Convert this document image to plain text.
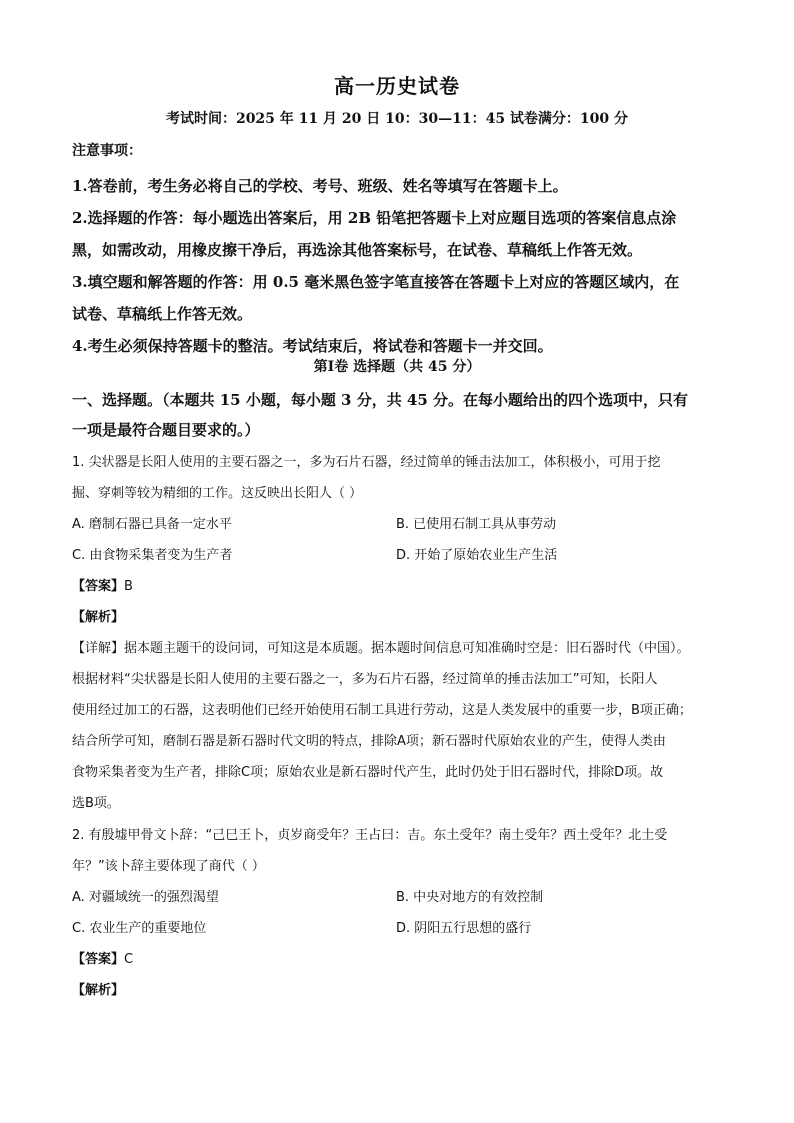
高一历史试卷
考试时间：2025 年 11 月 20 日 10：30—11：45 试卷满分：100 分
注意事项：
1.答卷前，考生务必将自己的学校、考号、班级、姓名等填写在答题卡上。
2.选择题的作答：每小题选出答案后，用 2B 铅笔把答题卡上对应题目选项的答案信息点涂
黑，如需改动，用橡皮擦干净后，再选涂其他答案标号，在试卷、草稿纸上作答无效。
3.填空题和解答题的作答：用 0.5 毫米黑色签字笔直接答在答题卡上对应的答题区域内，在
试卷、草稿纸上作答无效。
4.考生必须保持答题卡的整洁。考试结束后，将试卷和答题卡一并交回。
第Ⅰ卷 选择题（共 45 分）
一、选择题。（本题共 15 小题，每小题 3 分，共 45 分。在每小题给出的四个选项中，只有
一项是最符合题目要求的。）
1. 尖状器是长阳人使用的主要石器之一，多为石片石器，经过简单的锤击法加工，体积极小，可用于挖
掘、穿刺等较为精细的工作。这反映出长阳人（ ）
A. 磨制石器已具备一定水平	B. 已使用石制工具从事劳动
C. 由食物采集者变为生产者	D. 开始了原始农业生产生活
【答案】B
【解析】
【详解】据本题主题干的设问词，可知这是本质题。据本题时间信息可知准确时空是：旧石器时代（中国）。
根据材料“尖状器是长阳人使用的主要石器之一，多为石片石器，经过简单的捶击法加工”可知，长阳人
使用经过加工的石器，这表明他们已经开始使用石制工具进行劳动，这是人类发展中的重要一步，B项正确；
结合所学可知，磨制石器是新石器时代文明的特点，排除A项；新石器时代原始农业的产生，使得人类由
食物采集者变为生产者，排除C项；原始农业是新石器时代产生，此时仍处于旧石器时代，排除D项。故
选B项。
2. 有殷墟甲骨文卜辞：“己巳王卜，贞岁商受年？王占曰：吉。东土受年？南土受年？西土受年？北土受
年？”该卜辞主要体现了商代（ ）
A. 对疆域统一的强烈渴望	B. 中央对地方的有效控制
C. 农业生产的重要地位	D. 阴阳五行思想的盛行
【答案】C
【解析】
